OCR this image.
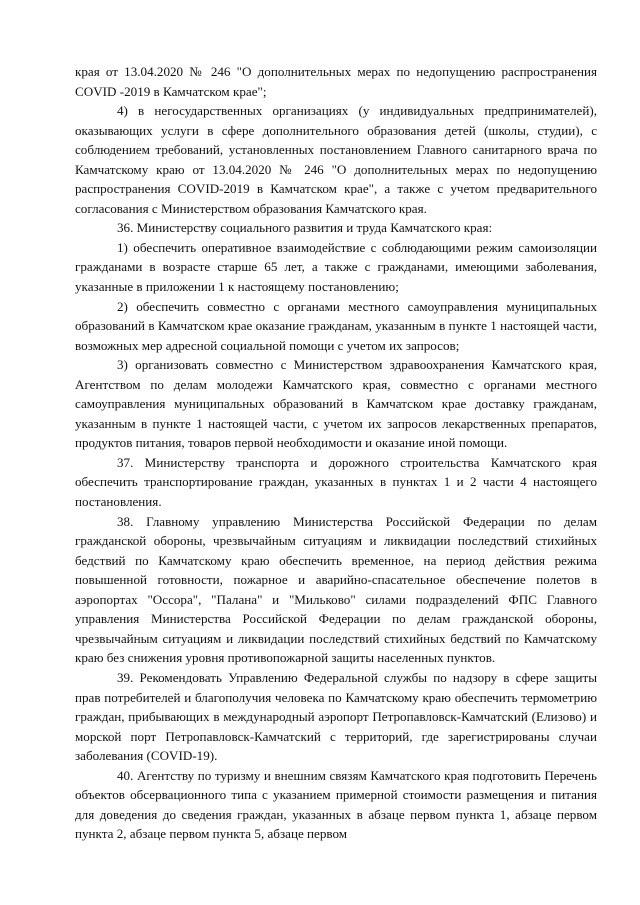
края от 13.04.2020 № 246 "О дополнительных мерах по недопущению распространения COVID -2019 в Камчатском крае";

4) в негосударственных организациях (у индивидуальных предпринимателей), оказывающих услуги в сфере дополнительного образования детей (школы, студии), с соблюдением требований, установленных постановлением Главного санитарного врача по Камчатскому краю от 13.04.2020 № 246 "О дополнительных мерах по недопущению распространения COVID-2019 в Камчатском крае", а также с учетом предварительного согласования с Министерством образования Камчатского края.

36. Министерству социального развития и труда Камчатского края:

1) обеспечить оперативное взаимодействие с соблюдающими режим самоизоляции гражданами в возрасте старше 65 лет, а также с гражданами, имеющими заболевания, указанные в приложении 1 к настоящему постановлению;

2) обеспечить совместно с органами местного самоуправления муниципальных образований в Камчатском крае оказание гражданам, указанным в пункте 1 настоящей части, возможных мер адресной социальной помощи с учетом их запросов;

3) организовать совместно с Министерством здравоохранения Камчатского края, Агентством по делам молодежи Камчатского края, совместно с органами местного самоуправления муниципальных образований в Камчатском крае доставку гражданам, указанным в пункте 1 настоящей части, с учетом их запросов лекарственных препаратов, продуктов питания, товаров первой необходимости и оказание иной помощи.

37. Министерству транспорта и дорожного строительства Камчатского края обеспечить транспортирование граждан, указанных в пунктах 1 и 2 части 4 настоящего постановления.

38. Главному управлению Министерства Российской Федерации по делам гражданской обороны, чрезвычайным ситуациям и ликвидации последствий стихийных бедствий по Камчатскому краю обеспечить временное, на период действия режима повышенной готовности, пожарное и аварийно-спасательное обеспечение полетов в аэропортах "Оссора", "Палана" и "Мильково" силами подразделений ФПС Главного управления Министерства Российской Федерации по делам гражданской обороны, чрезвычайным ситуациям и ликвидации последствий стихийных бедствий по Камчатскому краю без снижения уровня противопожарной защиты населенных пунктов.

39. Рекомендовать Управлению Федеральной службы по надзору в сфере защиты прав потребителей и благополучия человека по Камчатскому краю обеспечить термометрию граждан, прибывающих в международный аэропорт Петропавловск-Камчатский (Елизово) и морской порт Петропавловск-Камчатский с территорий, где зарегистрированы случаи заболевания (COVID-19).

40. Агентству по туризму и внешним связям Камчатского края подготовить Перечень объектов обсервационного типа с указанием примерной стоимости размещения и питания для доведения до сведения граждан, указанных в абзаце первом пункта 1, абзаце первом пункта 2, абзаце первом пункта 5, абзаце первом
